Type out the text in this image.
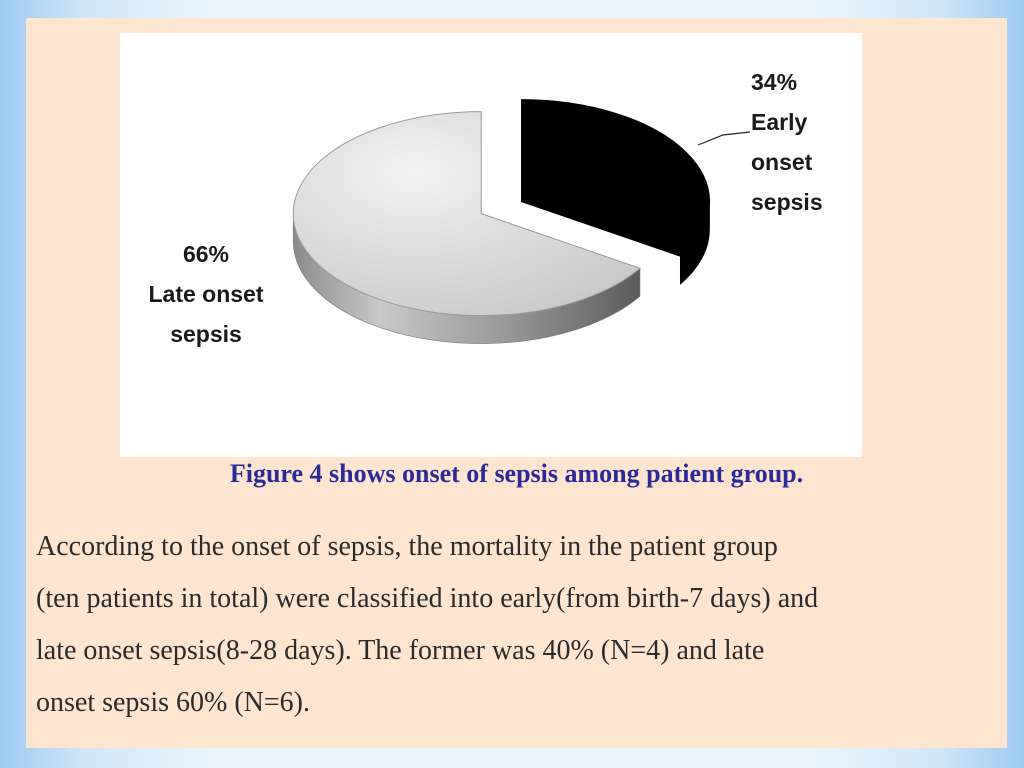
34%
Early
onset
sepsis
66%
Late onset
sepsis

Figure 4 shows onset of sepsis among patient group.

According to the onset of sepsis, the mortality in the patient group
(ten patients in total) were classified into early(from birth-7 days) and
late onset sepsis(8-28 days). The former was 40% (N=4) and late
onset sepsis 60% (N=6).
